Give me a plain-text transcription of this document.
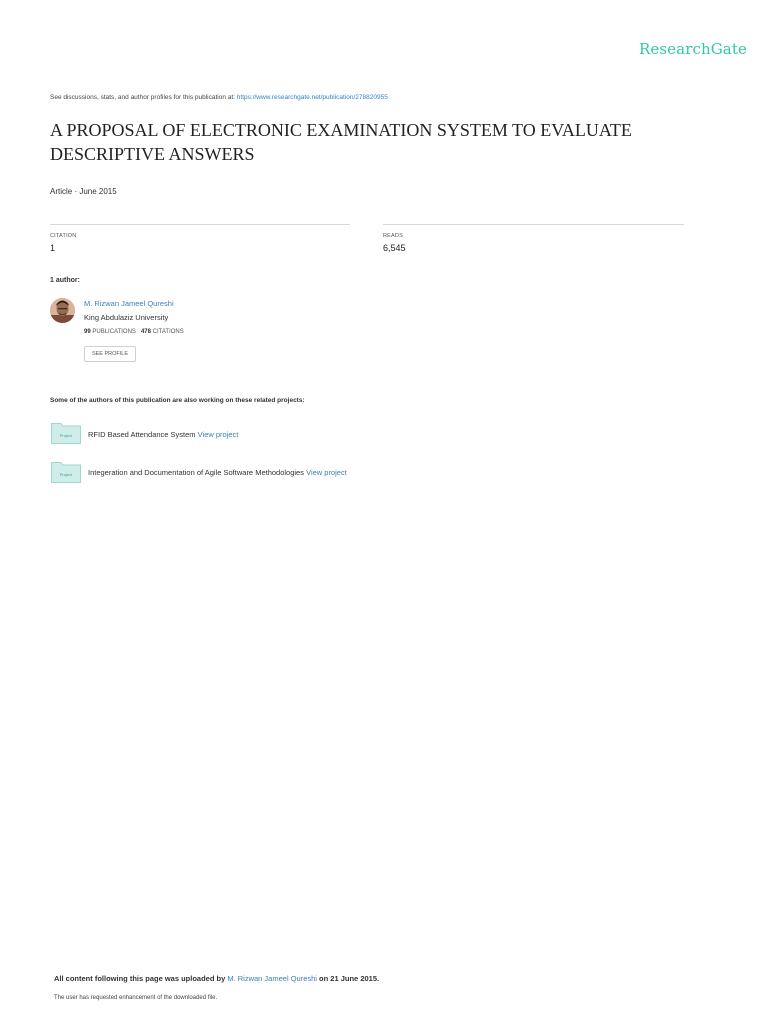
ResearchGate
See discussions, stats, and author profiles for this publication at: https://www.researchgate.net/publication/278820955
A PROPOSAL OF ELECTRONIC EXAMINATION SYSTEM TO EVALUATE DESCRIPTIVE ANSWERS
Article · June 2015
CITATION
1
READS
6,545
1 author:
M. Rizwan Jameel Qureshi
King Abdulaziz University
99 PUBLICATIONS 478 CITATIONS
SEE PROFILE
Some of the authors of this publication are also working on these related projects:
Project RFID Based Attendance System View project
Project Integeration and Documentation of Agile Software Methodologies View project
All content following this page was uploaded by M. Rizwan Jameel Qureshi on 21 June 2015.
The user has requested enhancement of the downloaded file.
